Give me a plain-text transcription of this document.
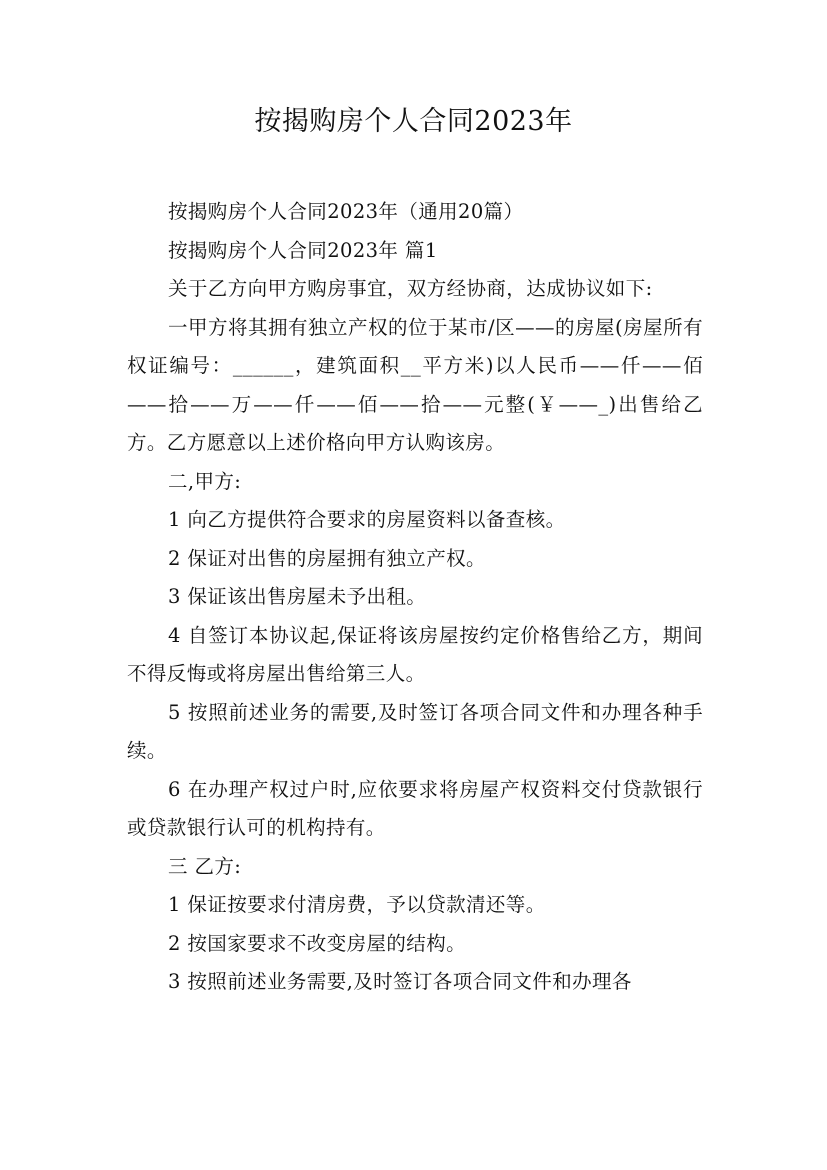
按揭购房个人合同2023年

按揭购房个人合同2023年（通用20篇）

按揭购房个人合同2023年 篇1

关于乙方向甲方购房事宜，双方经协商，达成协议如下:

一甲方将其拥有独立产权的位于某市/区——的房屋(房屋所有权证编号：______，建筑面积__平方米)以人民币——仟——佰——拾——万——仟——佰——拾——元整(￥——_)出售给乙方。乙方愿意以上述价格向甲方认购该房。

二,甲方:

1 向乙方提供符合要求的房屋资料以备查核。

2 保证对出售的房屋拥有独立产权。

3 保证该出售房屋未予出租。

4 自签订本协议起,保证将该房屋按约定价格售给乙方，期间不得反悔或将房屋出售给第三人。

5 按照前述业务的需要,及时签订各项合同文件和办理各种手续。

6 在办理产权过户时,应依要求将房屋产权资料交付贷款银行或贷款银行认可的机构持有。

三 乙方:

1 保证按要求付清房费，予以贷款清还等。

2 按国家要求不改变房屋的结构。

3 按照前述业务需要,及时签订各项合同文件和办理各
